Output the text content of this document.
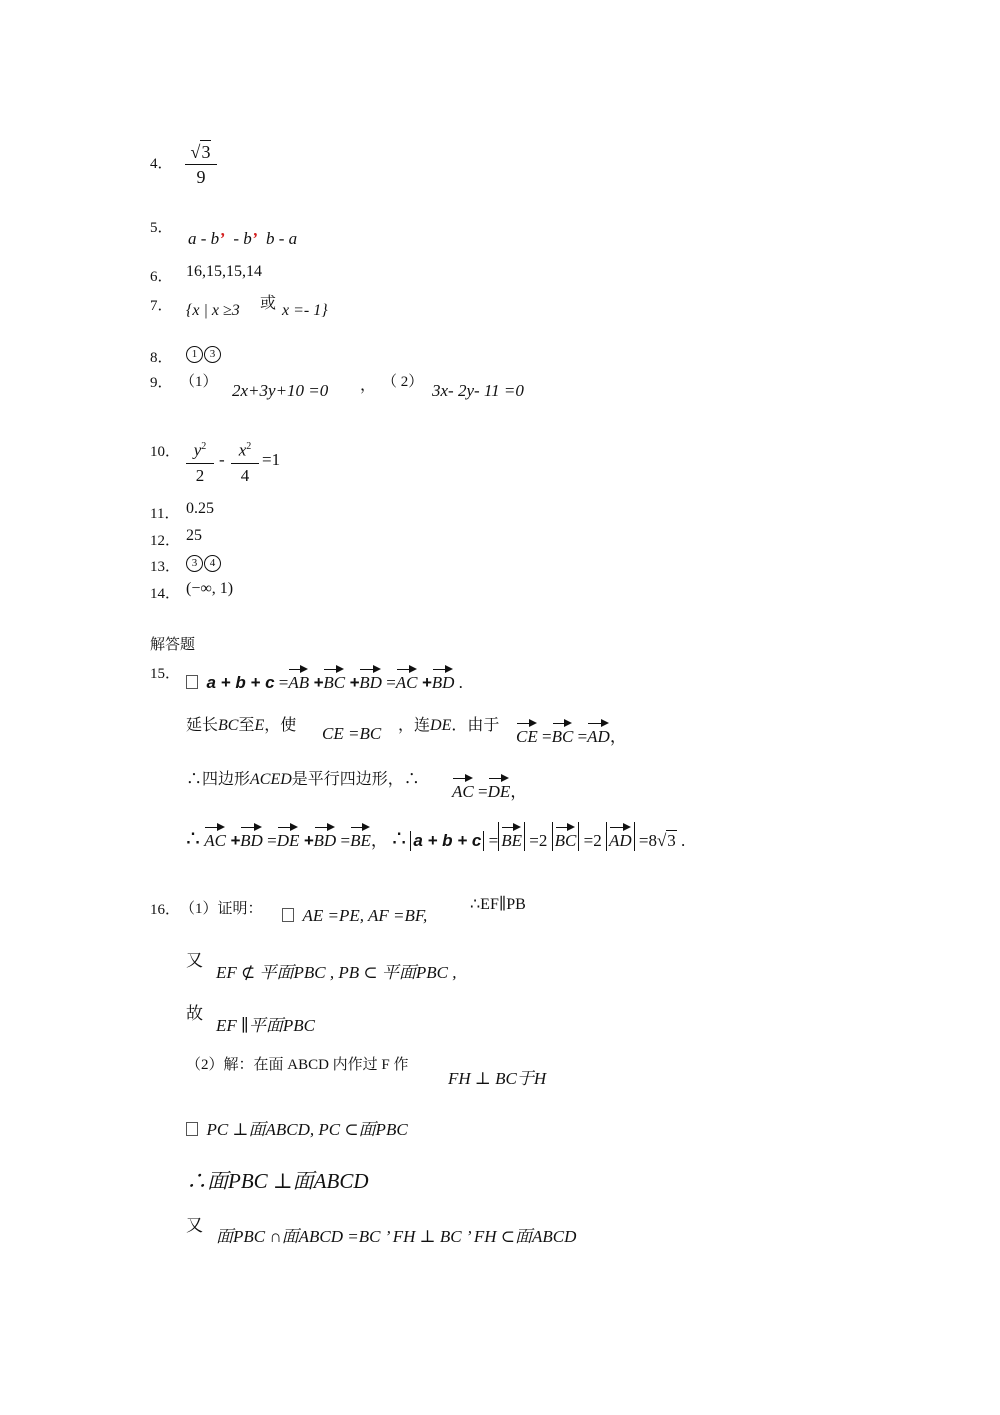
4．
√3
9
5．
a - b’ - b’ b - a
6． 16,15,15,14
7． {x | x ≥3 或 x =- 1}
8．	1 3
9． （1） 2x+3y+10 =0 ， （ 2） 3x- 2y- 11 =0
10． $y^2$
2
- $x^2$
4
=1
11． 0.25
12． 25
13．	3 4
14． (−∞, 1)
解答题
15．	a + b + c =AB +BC +BD =AC +BD .
延长BC至E，使 CE =BC ，连DE．由于
CE =BC =AD，
∴四边形ACED是平行四边形，∴
AC =DE，
∴ AC +BD =DE +BD =BE， ∴ a + b + c = BE =2 BC =2 AD =8√3 .
16． （1）证明：	AE =PE, AF =BF,
∴EF∥PB
又
EF ⊄ 平面PBC , PB ⊂ 平面PBC ,
故
EF ∥平面PBC
（2）解：在面 ABCD 内作过 F 作
FH ⊥ BC于H
PC ⊥面ABCD, PC ⊂面PBC
∴面PBC ⊥面ABCD
又
面PBC ∩面ABCD =BC ’ FH ⊥ BC ’ FH ⊂面ABCD
